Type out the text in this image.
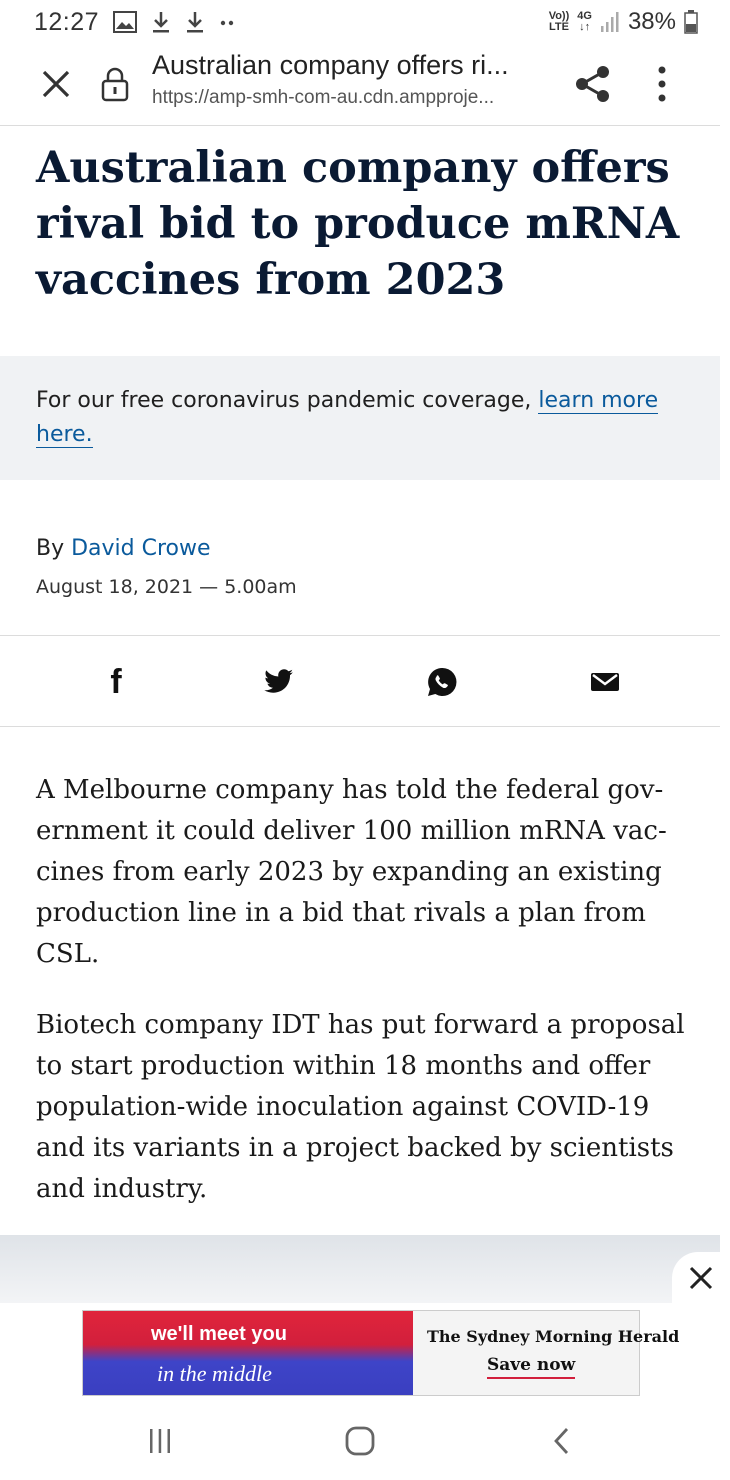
12:27	Vo))
LTE
4G
↓↑ 38%
Australian company offers ri...
https://amp-smh-com-au.cdn.ampproje...
Australian company offers rival bid to produce mRNA vaccines from 2023
For our free coronavirus pandemic coverage, learn more here.
By David Crowe
August 18, 2021 — 5.00am
f

A Melbourne company has told the federal gov-ernment it could deliver 100 million mRNA vac-cines from early 2023 by expanding an existing production line in a bid that rivals a plan from CSL.

Biotech company IDT has put forward a proposal to start production within 18 months and offer population-wide inoculation against COVID-19 and its variants in a project backed by scientists and industry.

we'll meet you
in the middle
The Sydney Morning Herald
Save now
